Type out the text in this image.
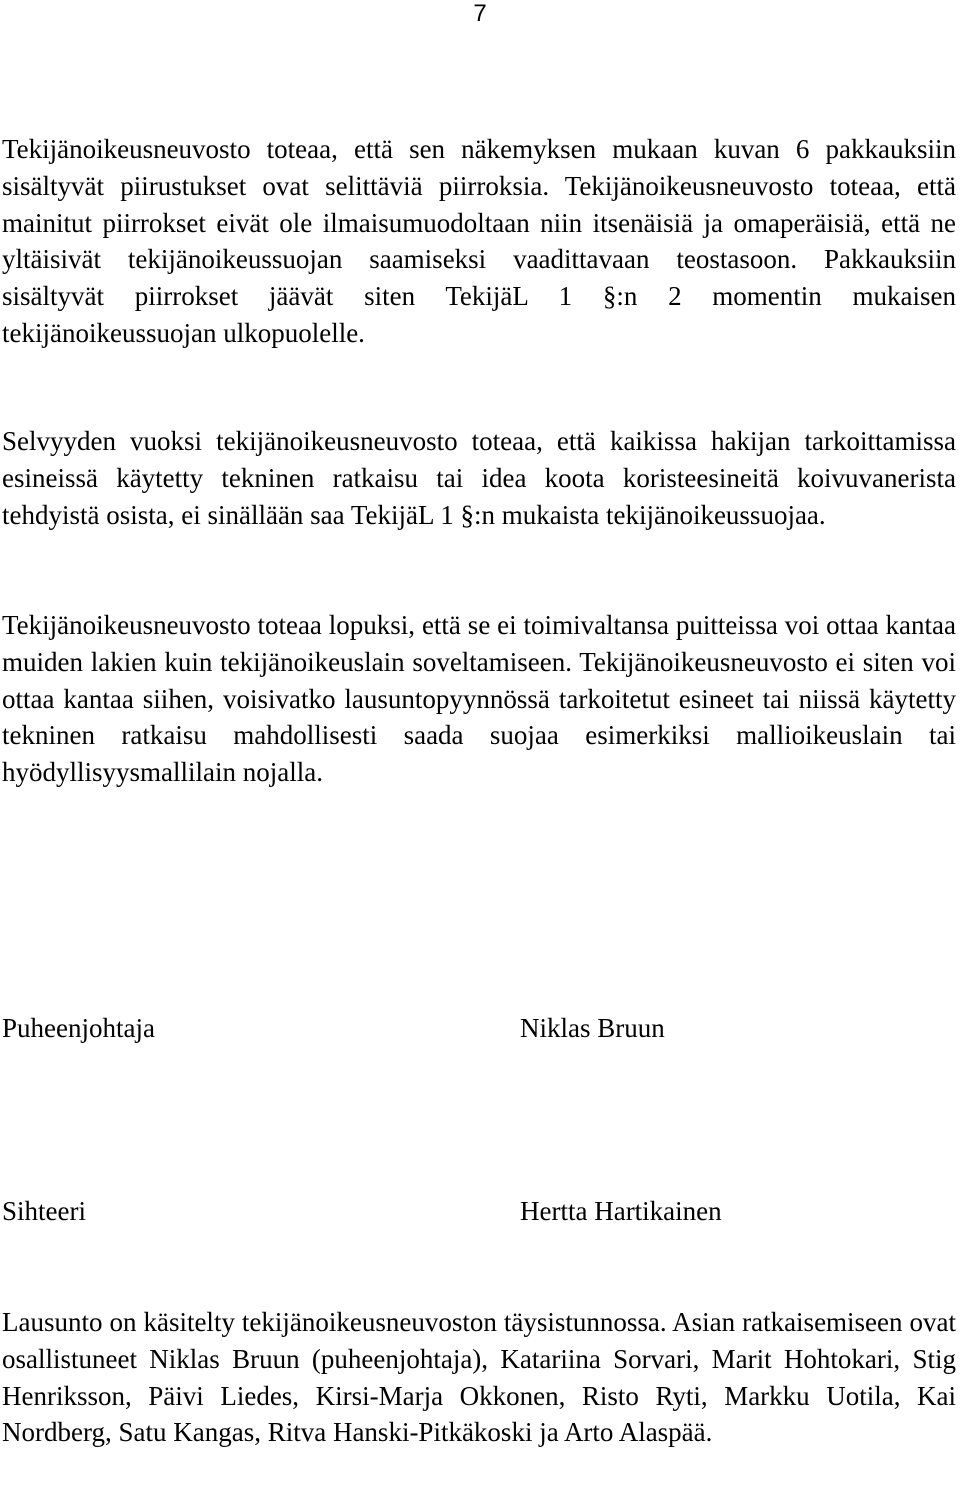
7

Tekijänoikeusneuvosto toteaa, että sen näkemyksen mukaan kuvan 6 pakkauksiin sisältyvät piirustukset ovat selittäviä piirroksia. Tekijänoikeusneuvosto toteaa, että mainitut piirrokset eivät ole ilmaisumuodoltaan niin itsenäisiä ja omaperäisiä, että ne yltäisivät tekijänoikeussuojan saamiseksi vaadittavaan teostasoon. Pakkauksiin sisältyvät piirrokset jäävät siten TekijäL 1 §:n 2 momentin mukaisen tekijänoikeussuojan ulkopuolelle.

Selvyyden vuoksi tekijänoikeusneuvosto toteaa, että kaikissa hakijan tarkoittamissa esineissä käytetty tekninen ratkaisu tai idea koota koristeesineitä koivuvanerista tehdyistä osista, ei sinällään saa TekijäL 1 §:n mukaista tekijänoikeussuojaa.

Tekijänoikeusneuvosto toteaa lopuksi, että se ei toimivaltansa puitteissa voi ottaa kantaa muiden lakien kuin tekijänoikeuslain soveltamiseen. Tekijänoikeusneuvosto ei siten voi ottaa kantaa siihen, voisivatko lausuntopyynnössä tarkoitetut esineet tai niissä käytetty tekninen ratkaisu mahdollisesti saada suojaa esimerkiksi mallioikeuslain tai hyödyllisyysmallilain nojalla.

Puheenjohtaja	Niklas Bruun
Sihteeri	Hertta Hartikainen

Lausunto on käsitelty tekijänoikeusneuvoston täysistunnossa. Asian ratkaisemiseen ovat osallistuneet Niklas Bruun (puheenjohtaja), Katariina Sorvari, Marit Hohtokari, Stig Henriksson, Päivi Liedes, Kirsi-Marja Okkonen, Risto Ryti, Markku Uotila, Kai Nordberg, Satu Kangas, Ritva Hanski-Pitkäkoski ja Arto Alaspää.
